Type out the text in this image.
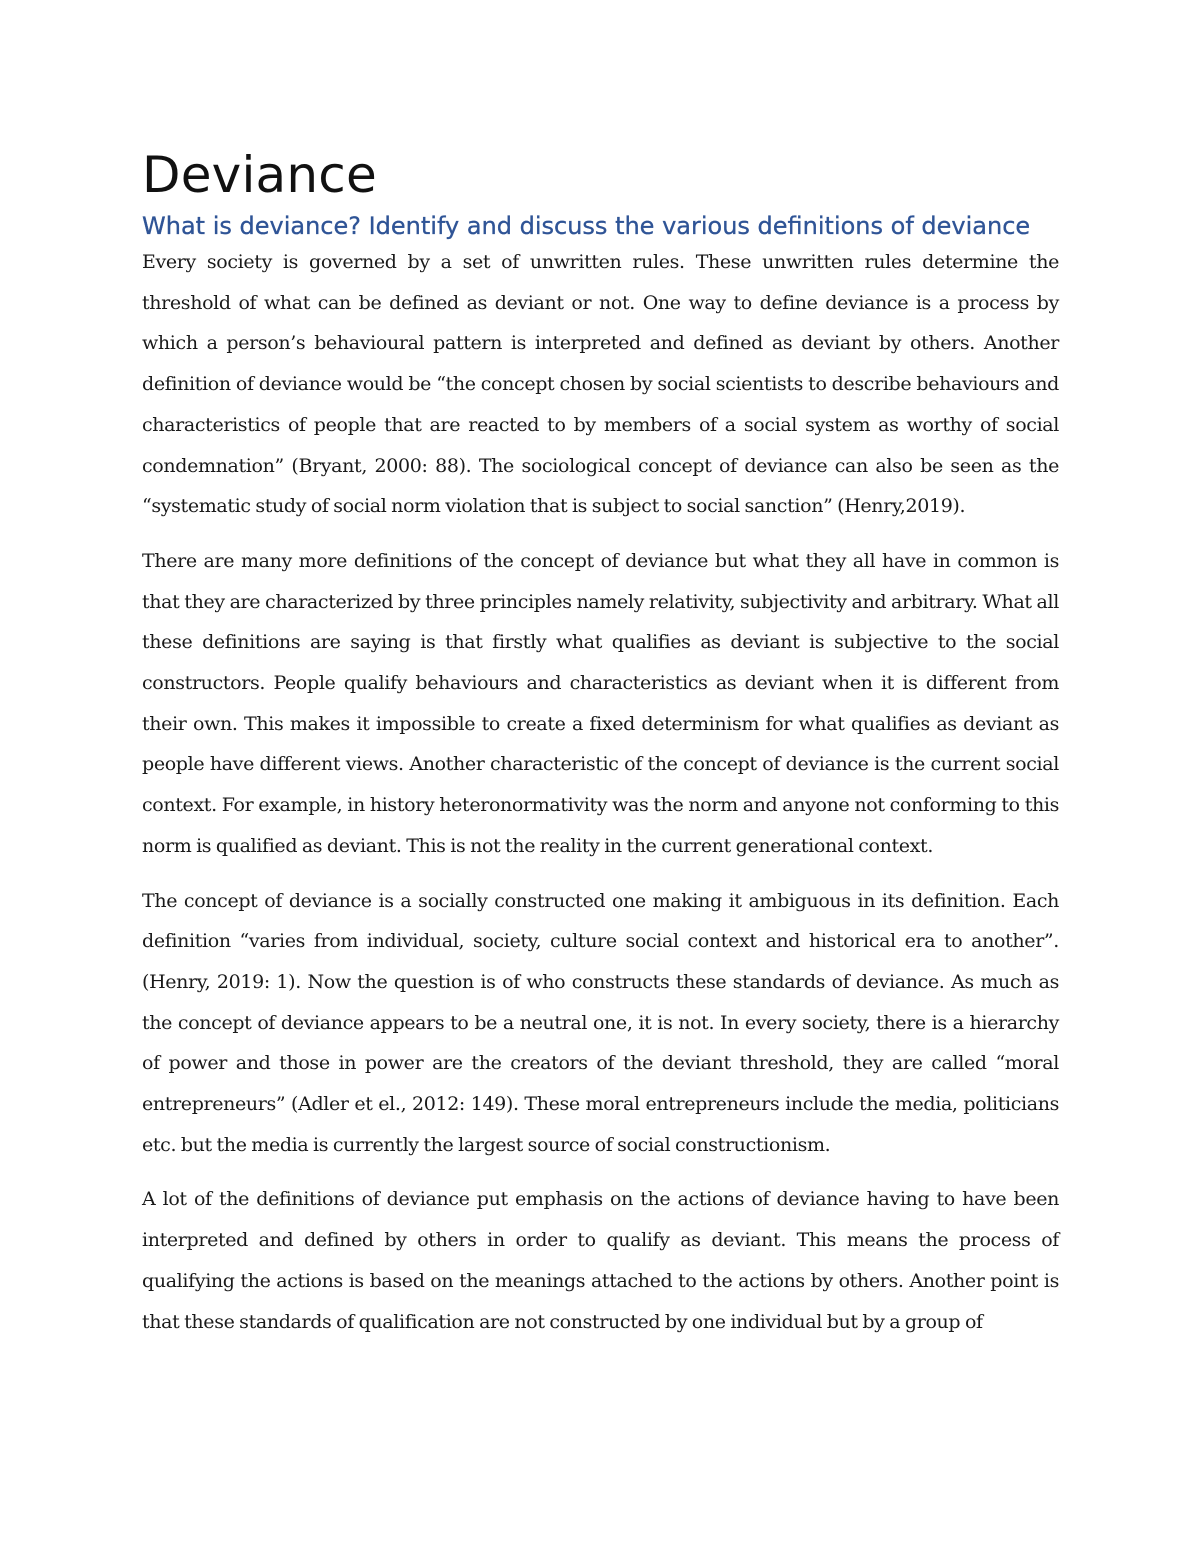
Deviance
What is deviance? Identify and discuss the various definitions of deviance

Every society is governed by a set of unwritten rules. These unwritten rules determine the threshold of what can be defined as deviant or not. One way to define deviance is a process by which a person’s behavioural pattern is interpreted and defined as deviant by others. Another definition of deviance would be “the concept chosen by social scientists to describe behaviours and characteristics of people that are reacted to by members of a social system as worthy of social condemnation” (Bryant, 2000: 88). The sociological concept of deviance can also be seen as the “systematic study of social norm violation that is subject to social sanction” (Henry,2019).

There are many more definitions of the concept of deviance but what they all have in common is that they are characterized by three principles namely relativity, subjectivity and arbitrary. What all these definitions are saying is that firstly what qualifies as deviant is subjective to the social constructors. People qualify behaviours and characteristics as deviant when it is different from their own. This makes it impossible to create a fixed determinism for what qualifies as deviant as people have different views. Another characteristic of the concept of deviance is the current social context. For example, in history heteronormativity was the norm and anyone not conforming to this norm is qualified as deviant. This is not the reality in the current generational context.

The concept of deviance is a socially constructed one making it ambiguous in its definition. Each definition “varies from individual, society, culture social context and historical era to another”. (Henry, 2019: 1). Now the question is of who constructs these standards of deviance. As much as the concept of deviance appears to be a neutral one, it is not. In every society, there is a hierarchy of power and those in power are the creators of the deviant threshold, they are called “moral entrepreneurs” (Adler et el., 2012: 149). These moral entrepreneurs include the media, politicians etc. but the media is currently the largest source of social constructionism.

A lot of the definitions of deviance put emphasis on the actions of deviance having to have been interpreted and defined by others in order to qualify as deviant. This means the process of qualifying the actions is based on the meanings attached to the actions by others. Another point is that these standards of qualification are not constructed by one individual but by a group of
